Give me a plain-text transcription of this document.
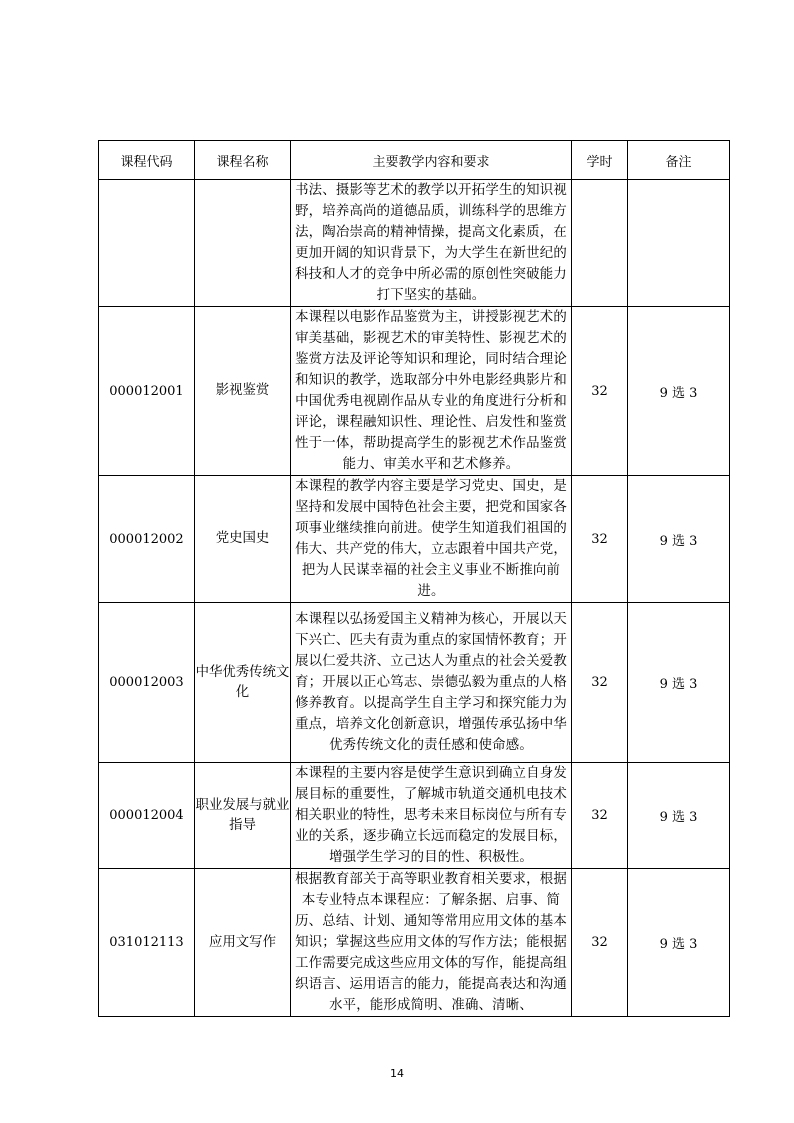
课程代码	课程名称	主要教学内容和要求	学时	备注
		书法、摄影等艺术的教学以开拓学生的知识视野，培养高尚的道德品质，训练科学的思维方法，陶冶崇高的精神情操，提高文化素质，在更加开阔的知识背景下，为大学生在新世纪的科技和人才的竞争中所必需的原创性突破能力打下坚实的基础。		
000012001	影视鉴赏	本课程以电影作品鉴赏为主，讲授影视艺术的审美基础，影视艺术的审美特性、影视艺术的鉴赏方法及评论等知识和理论，同时结合理论和知识的教学，选取部分中外电影经典影片和中国优秀电视剧作品从专业的角度进行分析和评论，课程融知识性、理论性、启发性和鉴赏性于一体，帮助提高学生的影视艺术作品鉴赏能力、审美水平和艺术修养。	32	9 选 3
000012002	党史国史	本课程的教学内容主要是学习党史、国史，是坚持和发展中国特色社会主要，把党和国家各项事业继续推向前进。使学生知道我们祖国的伟大、共产党的伟大，立志跟着中国共产党，把为人民谋幸福的社会主义事业不断推向前进。	32	9 选 3
000012003	中华优秀传统文化	本课程以弘扬爱国主义精神为核心，开展以天下兴亡、匹夫有责为重点的家国情怀教育；开展以仁爱共济、立己达人为重点的社会关爱教育；开展以正心笃志、崇德弘毅为重点的人格修养教育。以提高学生自主学习和探究能力为重点，培养文化创新意识，增强传承弘扬中华优秀传统文化的责任感和使命感。	32	9 选 3
000012004	职业发展与就业指导	本课程的主要内容是使学生意识到确立自身发展目标的重要性，了解城市轨道交通机电技术相关职业的特性，思考未来目标岗位与所有专业的关系，逐步确立长远而稳定的发展目标，增强学生学习的目的性、积极性。	32	9 选 3
031012113	应用文写作	根据教育部关于高等职业教育相关要求，根据本专业特点本课程应：了解条据、启事、简历、总结、计划、通知等常用应用文体的基本知识；掌握这些应用文体的写作方法；能根据工作需要完成这些应用文体的写作，能提高组织语言、运用语言的能力，能提高表达和沟通水平，能形成简明、准确、清晰、	32	9 选 3
14
